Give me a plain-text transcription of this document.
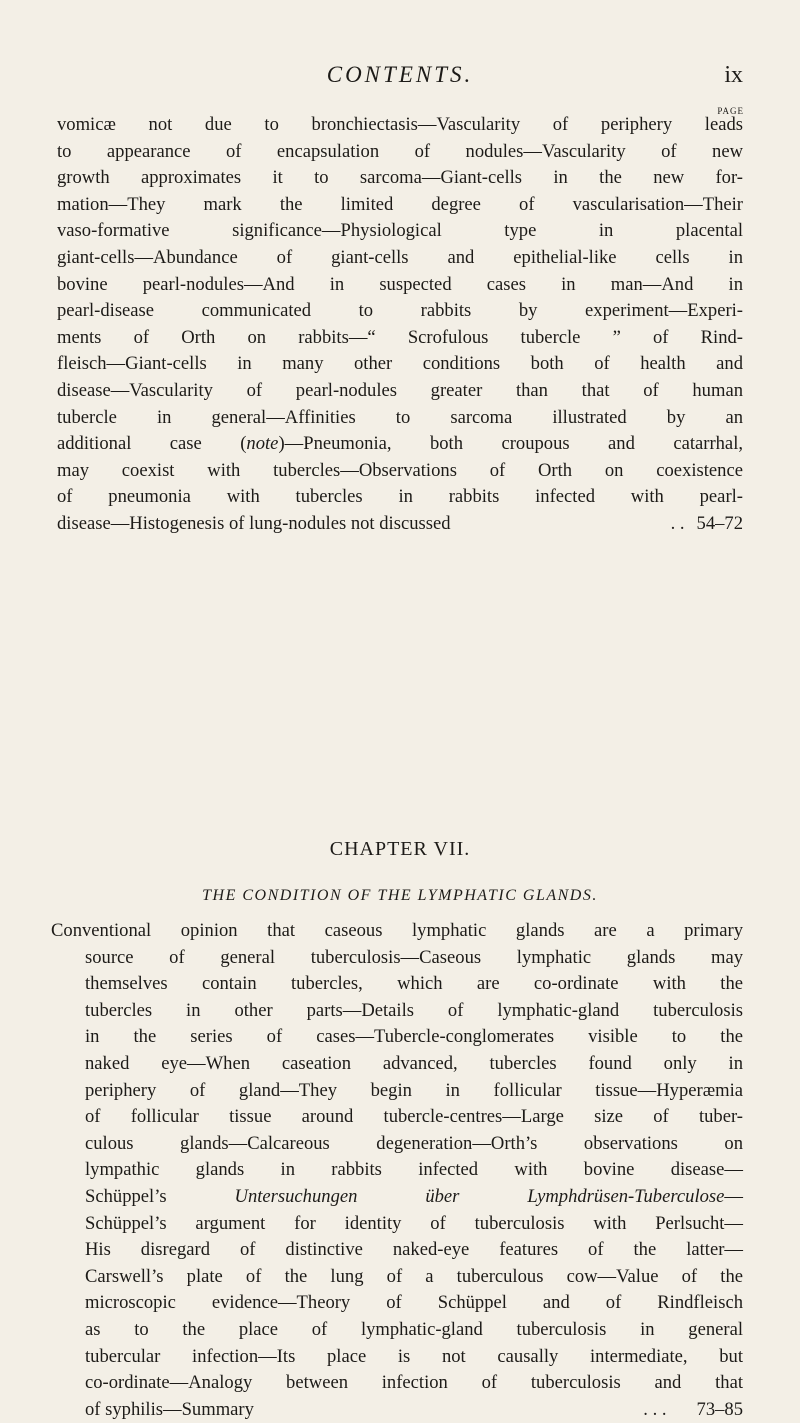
CONTENTS.	ix
PAGE
vomicæ not due to bronchiectasis—Vascularity of periphery leads
to appearance of encapsulation of nodules—Vascularity of new
growth approximates it to sarcoma—Giant-cells in the new for-
mation—They mark the limited degree of vascularisation—Their
vaso-formative significance—Physiological type in placental
giant-cells—Abundance of giant-cells and epithelial-like cells in
bovine pearl-nodules—And in suspected cases in man—And in
pearl-disease communicated to rabbits by experiment—Experi-
ments of Orth on rabbits—“ Scrofulous tubercle ” of Rind-
fleisch—Giant-cells in many other conditions both of health and
disease—Vascularity of pearl-nodules greater than that of human
tubercle in general—Affinities to sarcoma illustrated by an
additional case (note)—Pneumonia, both croupous and catarrhal,
may coexist with tubercles—Observations of Orth on coexistence
of pneumonia with tubercles in rabbits infected with pearl-
disease—Histogenesis of lung-nodules not discussed	. . 54–72
CHAPTER VII.
THE CONDITION OF THE LYMPHATIC GLANDS.
Conventional opinion that caseous lymphatic glands are a primary
source of general tuberculosis—Caseous lymphatic glands may
themselves contain tubercles, which are co-ordinate with the
tubercles in other parts—Details of lymphatic-gland tuberculosis
in the series of cases—Tubercle-conglomerates visible to the
naked eye—When caseation advanced, tubercles found only in
periphery of gland—They begin in follicular tissue—Hyperæmia
of follicular tissue around tubercle-centres—Large size of tuber-
culous glands—Calcareous degeneration—Orth’s observations on
lympathic glands in rabbits infected with bovine disease—
Schüppel’s Untersuchungen über Lymphdrüsen-Tuberculose—
Schüppel’s argument for identity of tuberculosis with Perlsucht—
His disregard of distinctive naked-eye features of the latter—
Carswell’s plate of the lung of a tuberculous cow—Value of the
microscopic evidence—Theory of Schüppel and of Rindfleisch
as to the place of lymphatic-gland tuberculosis in general
tubercular infection—Its place is not causally intermediate, but
co-ordinate—Analogy between infection of tuberculosis and that
of syphilis—Summary	. . . 73–85
